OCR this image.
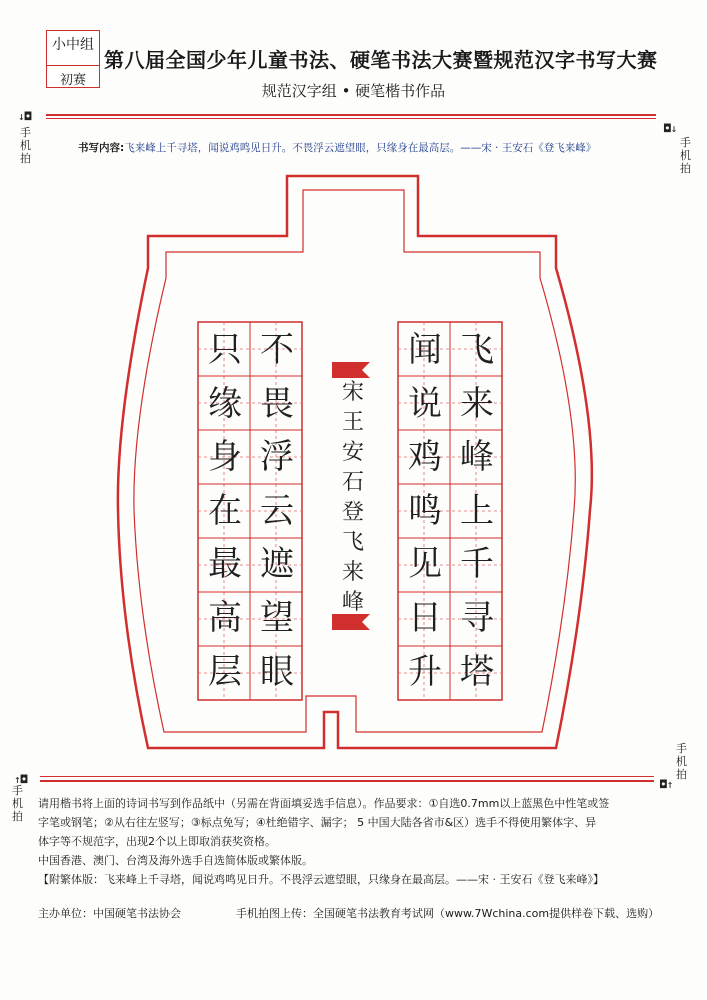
小中组
初赛
第八届全国少年儿童书法、硬笔书法大赛暨规范汉字书写大赛
规范汉字组 • 硬笔楷书作品
↓◘
◘↓
手机拍
手机拍
书写内容:飞来峰上千寻塔，闻说鸡鸣见日升。不畏浮云遮望眼，只缘身在最高层。——宋 · 王安石《登飞来峰》
飞
来
峰
上
千
寻
塔
闻
说
鸡
鸣
见
日
升
不
畏
浮
云
遮
望
眼
只
缘
身
在
最
高
层
宋
王
安
石
登
飞
来
峰
手机拍
↑◘	◘↑
手机拍
请用楷书将上面的诗词书写到作品纸中（另需在背面填妥选手信息）。作品要求：①自选0.7mm以上蓝黑色中性笔或签
字笔或钢笔；②从右往左竖写；③标点免写；④杜绝错字、漏字； 5 中国大陆各省市&区）选手不得使用繁体字、异
体字等不规范字，出现2个以上即取消获奖资格。
中国香港、澳门、台湾及海外选手自选简体版或繁体版。
【附繁体版：飞来峰上千寻塔，闻说鸡鸣见日升。不畏浮云遮望眼，只缘身在最高层。——宋 · 王安石《登飞来峰》】
主办单位：中国硬笔书法协会	手机拍图上传：全国硬笔书法教育考试网（www.7Wchina.com提供样卷下载、选购）
